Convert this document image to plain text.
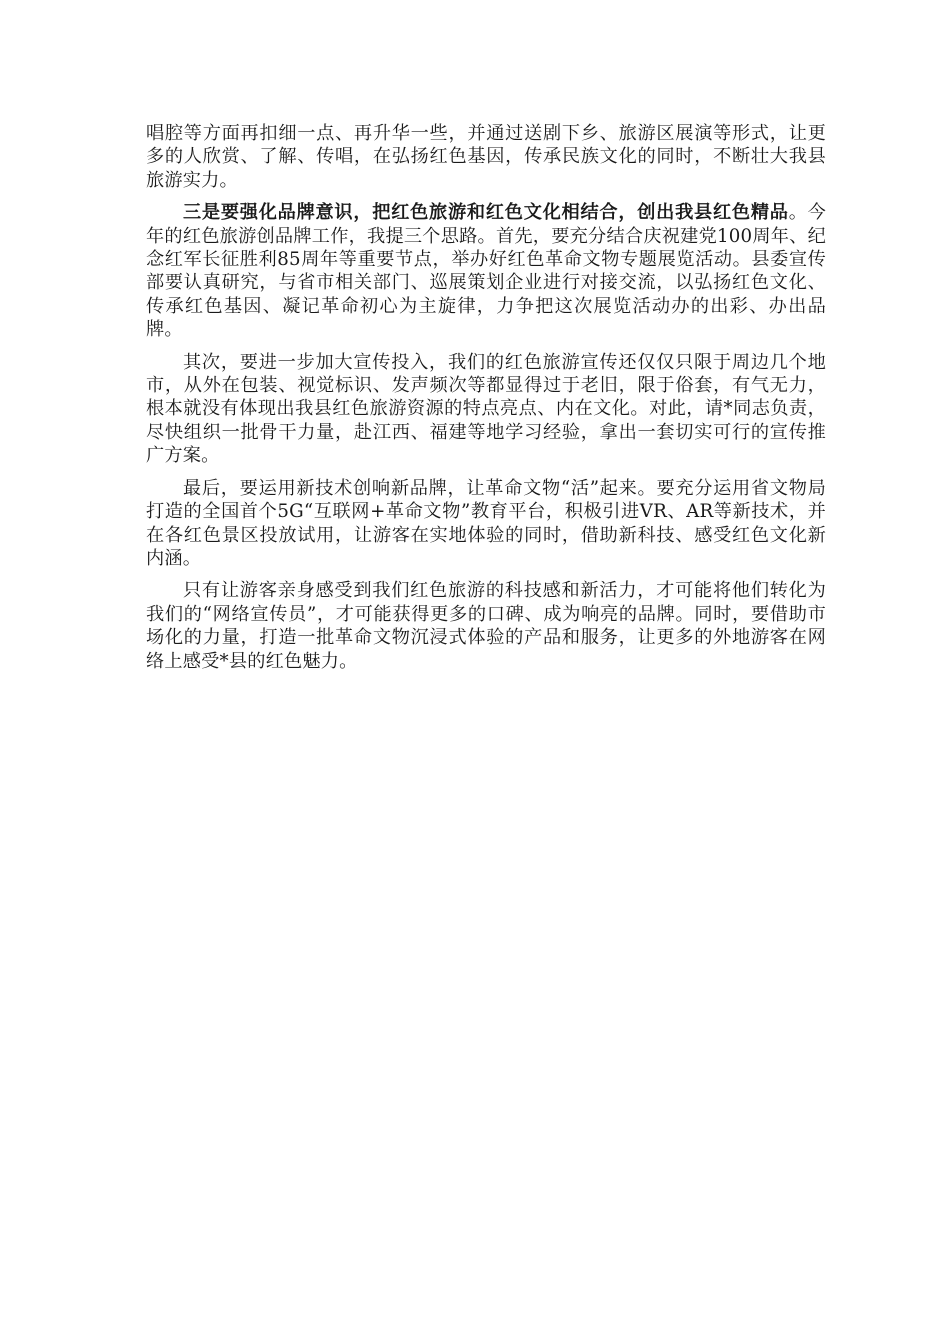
唱腔等方面再扣细一点、再升华一些，并通过送剧下乡、旅游区展演等形式，让更多的人欣赏、了解、传唱，在弘扬红色基因，传承民族文化的同时，不断壮大我县旅游实力。

三是要强化品牌意识，把红色旅游和红色文化相结合，创出我县红色精品。今年的红色旅游创品牌工作，我提三个思路。首先，要充分结合庆祝建党100周年、纪念红军长征胜利85周年等重要节点，举办好红色革命文物专题展览活动。县委宣传部要认真研究，与省市相关部门、巡展策划企业进行对接交流，以弘扬红色文化、传承红色基因、凝记革命初心为主旋律，力争把这次展览活动办的出彩、办出品牌。

其次，要进一步加大宣传投入，我们的红色旅游宣传还仅仅只限于周边几个地市，从外在包装、视觉标识、发声频次等都显得过于老旧，限于俗套，有气无力，根本就没有体现出我县红色旅游资源的特点亮点、内在文化。对此，请*同志负责，尽快组织一批骨干力量，赴江西、福建等地学习经验，拿出一套切实可行的宣传推广方案。

最后，要运用新技术创响新品牌，让革命文物“活”起来。要充分运用省文物局打造的全国首个5G“互联网+革命文物”教育平台，积极引进VR、AR等新技术，并在各红色景区投放试用，让游客在实地体验的同时，借助新科技、感受红色文化新内涵。

只有让游客亲身感受到我们红色旅游的科技感和新活力，才可能将他们转化为我们的“网络宣传员”，才可能获得更多的口碑、成为响亮的品牌。同时，要借助市场化的力量，打造一批革命文物沉浸式体验的产品和服务，让更多的外地游客在网络上感受*县的红色魅力。
